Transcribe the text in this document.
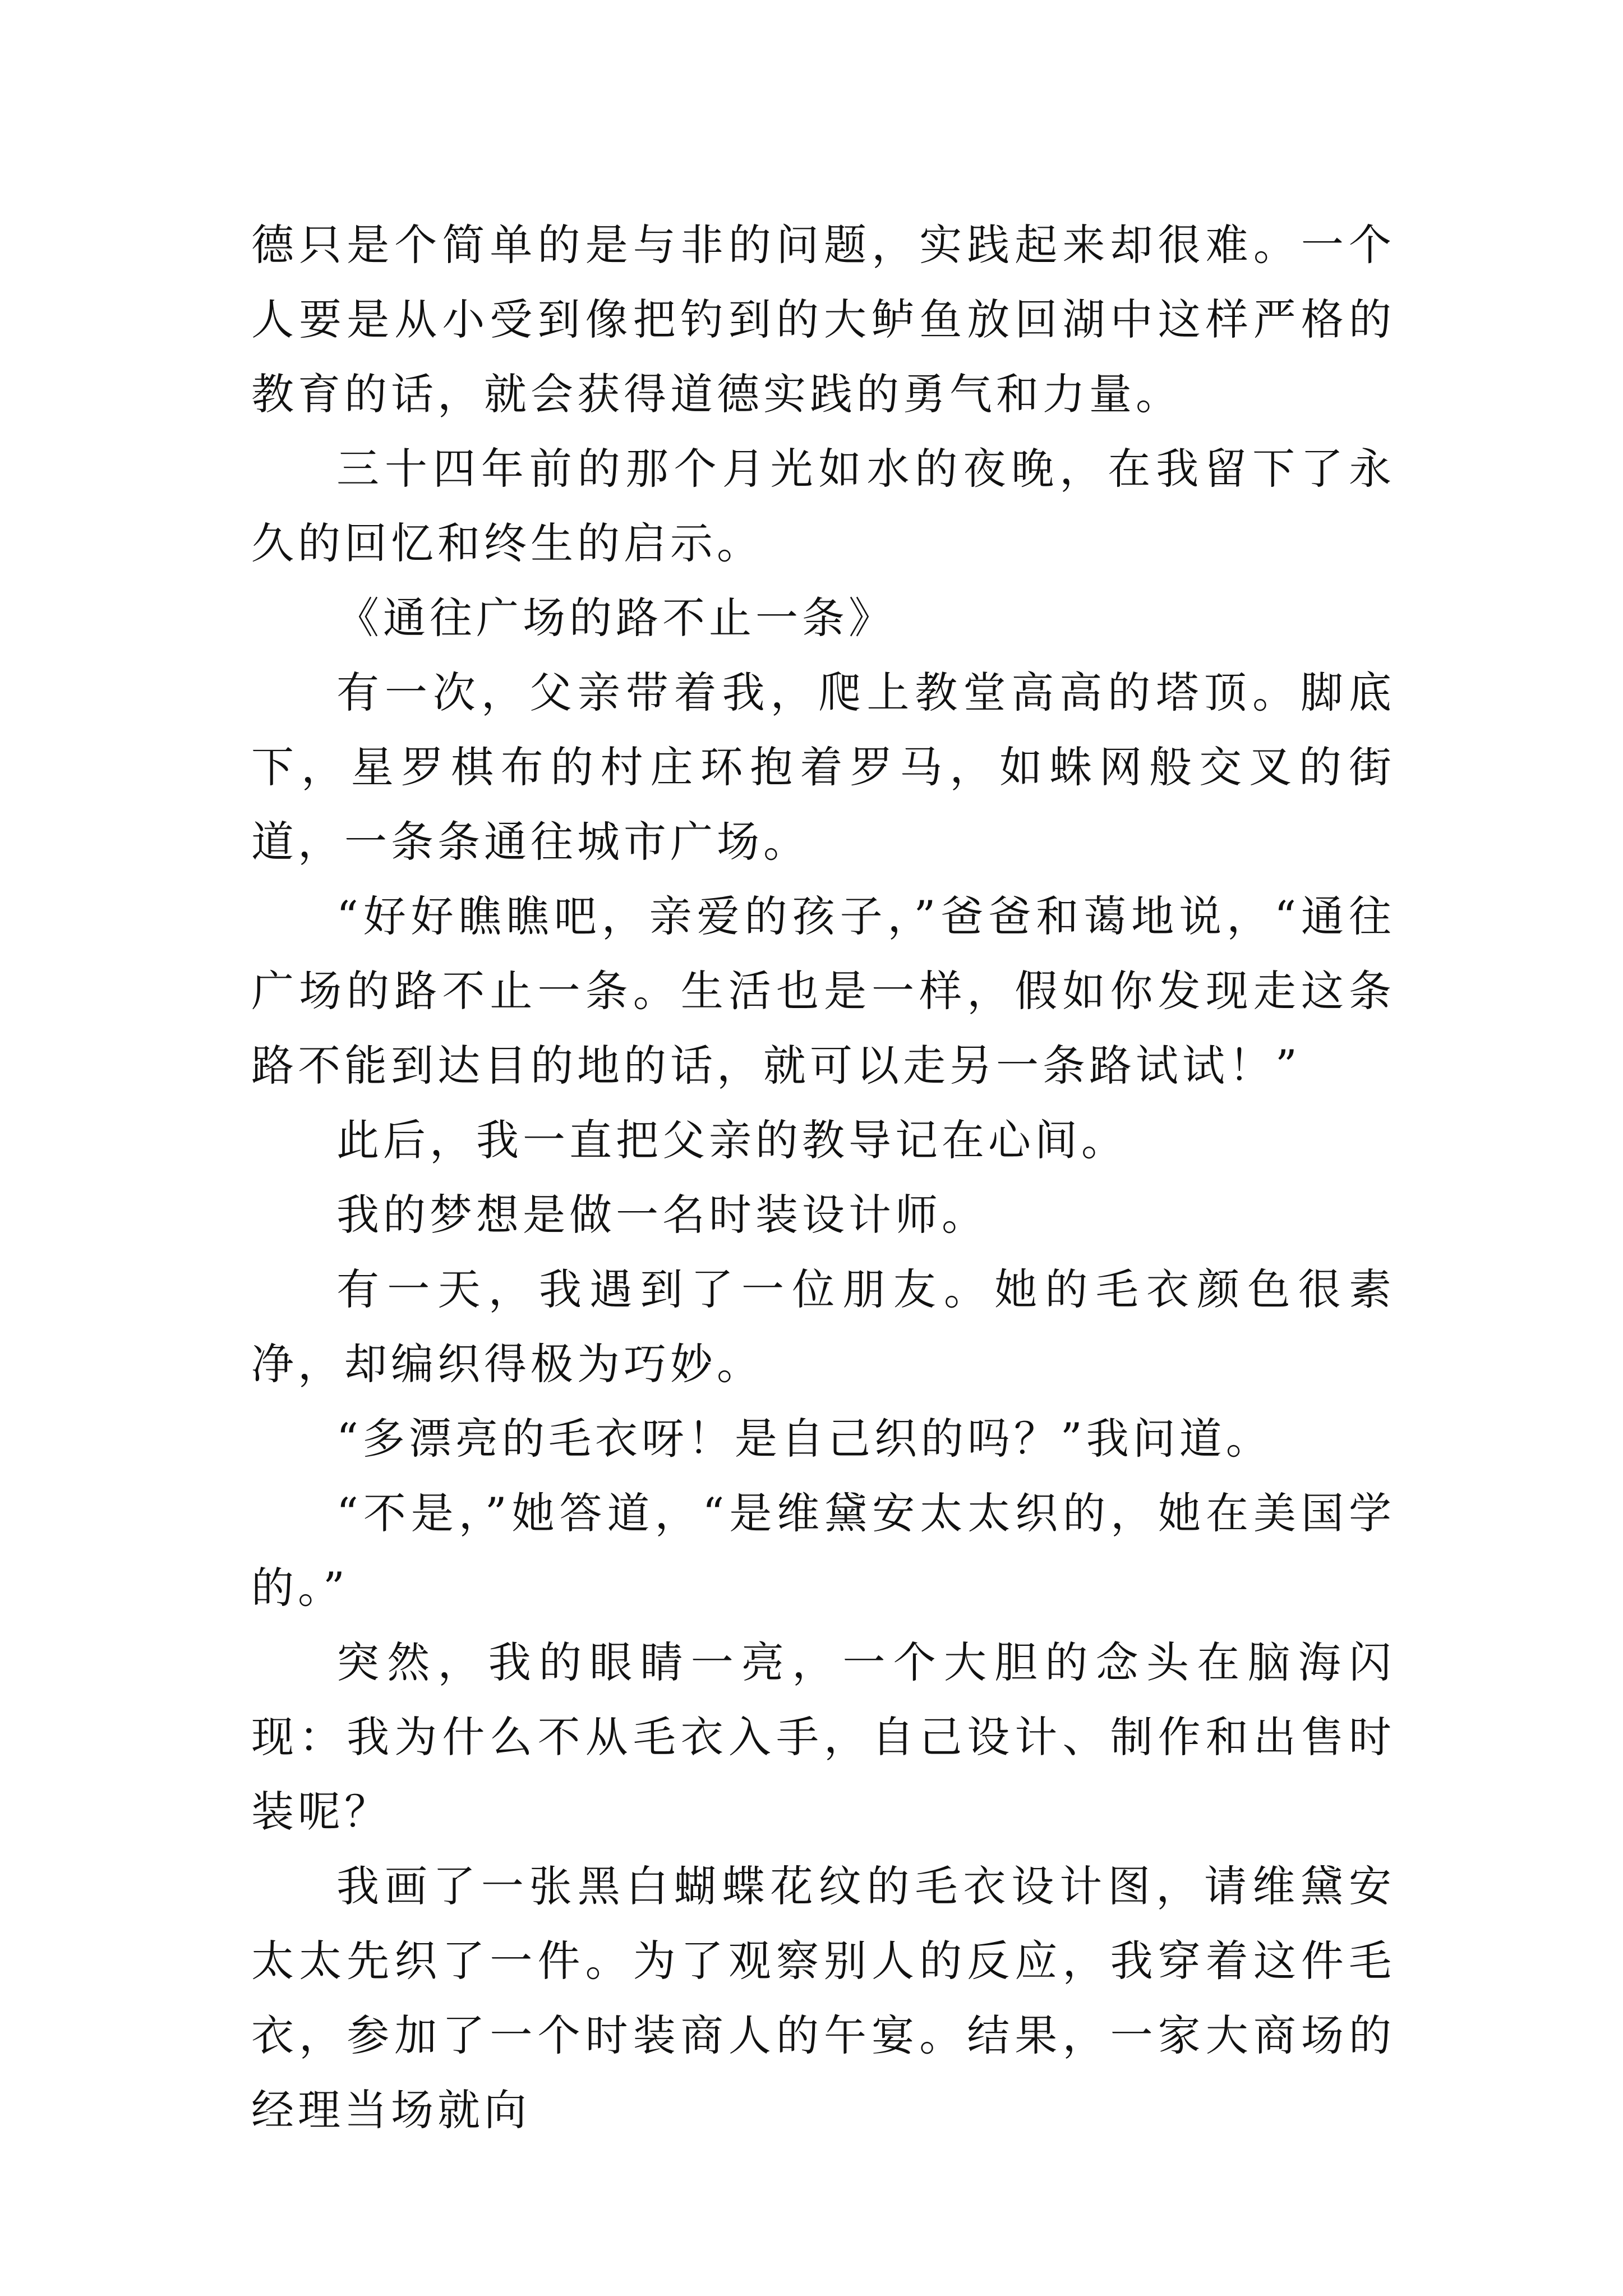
德只是个简单的是与非的问题，实践起来却很难。一个人要是从小受到像把钓到的大鲈鱼放回湖中这样严格的教育的话，就会获得道德实践的勇气和力量。

三十四年前的那个月光如水的夜晚，在我留下了永久的回忆和终生的启示。

《通往广场的路不止一条》

有一次，父亲带着我，爬上教堂高高的塔顶。脚底下，星罗棋布的村庄环抱着罗马，如蛛网般交叉的街道，一条条通往城市广场。

“好好瞧瞧吧，亲爱的孩子，”爸爸和蔼地说，“通往广场的路不止一条。生活也是一样，假如你发现走这条路不能到达目的地的话，就可以走另一条路试试！”

此后，我一直把父亲的教导记在心间。

我的梦想是做一名时装设计师。

有一天，我遇到了一位朋友。她的毛衣颜色很素净，却编织得极为巧妙。

“多漂亮的毛衣呀！是自己织的吗？”我问道。

“不是，”她答道，“是维黛安太太织的，她在美国学的。”

突然，我的眼睛一亮，一个大胆的念头在脑海闪现：我为什么不从毛衣入手，自己设计、制作和出售时装呢？

我画了一张黑白蝴蝶花纹的毛衣设计图，请维黛安太太先织了一件。为了观察别人的反应，我穿着这件毛衣，参加了一个时装商人的午宴。结果，一家大商场的经理当场就向
